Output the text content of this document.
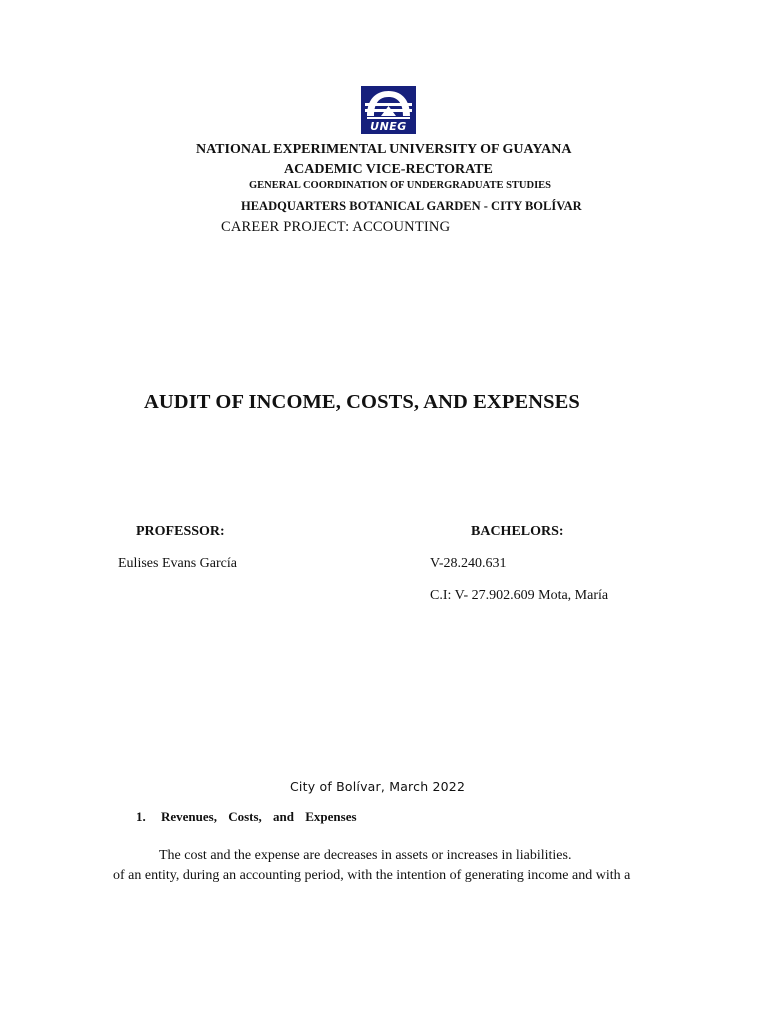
UNEG
NATIONAL EXPERIMENTAL UNIVERSITY OF GUAYANA
ACADEMIC VICE-RECTORATE
GENERAL COORDINATION OF UNDERGRADUATE STUDIES
HEADQUARTERS BOTANICAL GARDEN - CITY BOLÍVAR
CAREER PROJECT: ACCOUNTING
AUDIT OF INCOME, COSTS, AND EXPENSES
PROFESSOR:
Eulises Evans García
BACHELORS:
V-28.240.631
C.I: V- 27.902.609 Mota, María
City of Bolívar, March 2022
1. Revenues, Costs, and Expenses
The cost and the expense are decreases in assets or increases in liabilities.
of an entity, during an accounting period, with the intention of generating income and with a
